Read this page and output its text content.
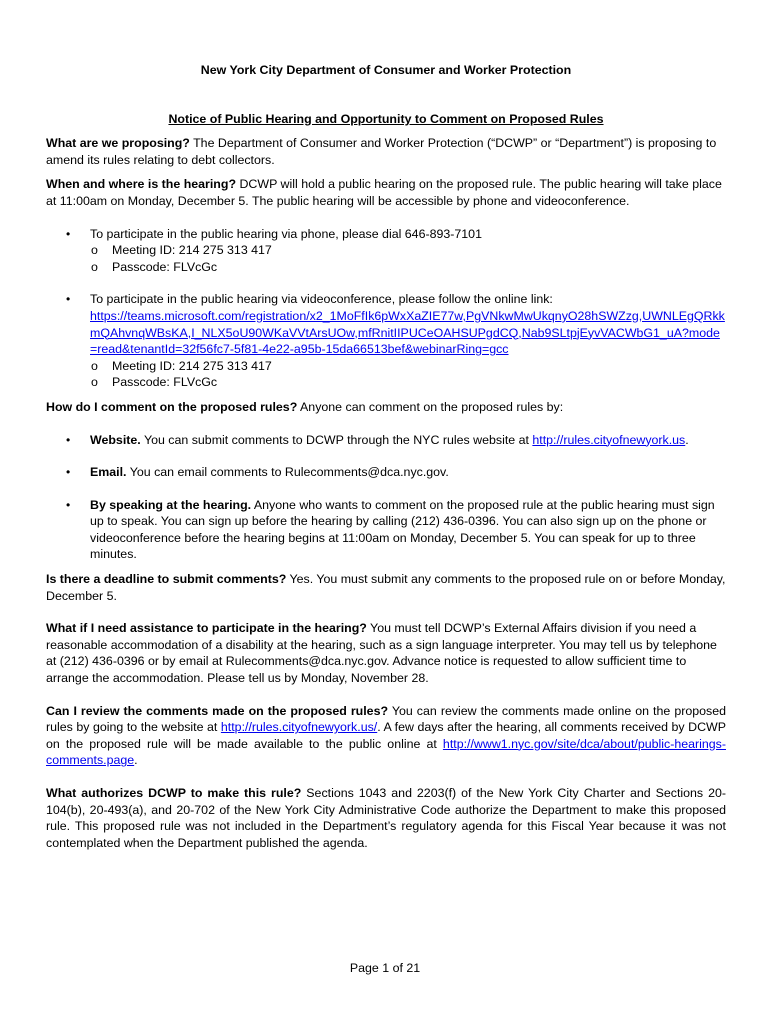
New York City Department of Consumer and Worker Protection
Notice of Public Hearing and Opportunity to Comment on Proposed Rules

What are we proposing? The Department of Consumer and Worker Protection (“DCWP” or “Department”) is proposing to amend its rules relating to debt collectors.

When and where is the hearing? DCWP will hold a public hearing on the proposed rule. The public hearing will take place at 11:00am on Monday, December 5. The public hearing will be accessible by phone and videoconference.

• To participate in the public hearing via phone, please dial 646-893-7101
o Meeting ID: 214 275 313 417
o Passcode: FLVcGc
• To participate in the public hearing via videoconference, please follow the online link:
https://teams.microsoft.com/registration/x2_1MoFfIk6pWxXaZIE77w,PgVNkwMwUkqnyO28hSWZzg,UWNLEgQRkkmQAhvnqWBsKA,I_NLX5oU90WKaVVtArsUOw,mfRnitIIPUCeOAHSUPgdCQ,Nab9SLtpjEyvVACWbG1_uA?mode=read&tenantId=32f56fc7-5f81-4e22-a95b-15da66513bef&webinarRing=gcc
o Meeting ID: 214 275 313 417
o Passcode: FLVcGc

How do I comment on the proposed rules? Anyone can comment on the proposed rules by:

• Website. You can submit comments to DCWP through the NYC rules website at http://rules.cityofnewyork.us.
• Email. You can email comments to Rulecomments@dca.nyc.gov.
• By speaking at the hearing. Anyone who wants to comment on the proposed rule at the public hearing must sign up to speak. You can sign up before the hearing by calling (212) 436-0396. You can also sign up on the phone or videoconference before the hearing begins at 11:00am on Monday, December 5. You can speak for up to three minutes.

Is there a deadline to submit comments? Yes. You must submit any comments to the proposed rule on or before Monday, December 5.

What if I need assistance to participate in the hearing? You must tell DCWP’s External Affairs division if you need a reasonable accommodation of a disability at the hearing, such as a sign language interpreter. You may tell us by telephone at (212) 436-0396 or by email at Rulecomments@dca.nyc.gov. Advance notice is requested to allow sufficient time to arrange the accommodation. Please tell us by Monday, November 28.

Can I review the comments made on the proposed rules? You can review the comments made online on the proposed rules by going to the website at http://rules.cityofnewyork.us/. A few days after the hearing, all comments received by DCWP on the proposed rule will be made available to the public online at http://www1.nyc.gov/site/dca/about/public-hearings-comments.page.

What authorizes DCWP to make this rule? Sections 1043 and 2203(f) of the New York City Charter and Sections 20-104(b), 20-493(a), and 20-702 of the New York City Administrative Code authorize the Department to make this proposed rule. This proposed rule was not included in the Department’s regulatory agenda for this Fiscal Year because it was not contemplated when the Department published the agenda.

Page 1 of 21
